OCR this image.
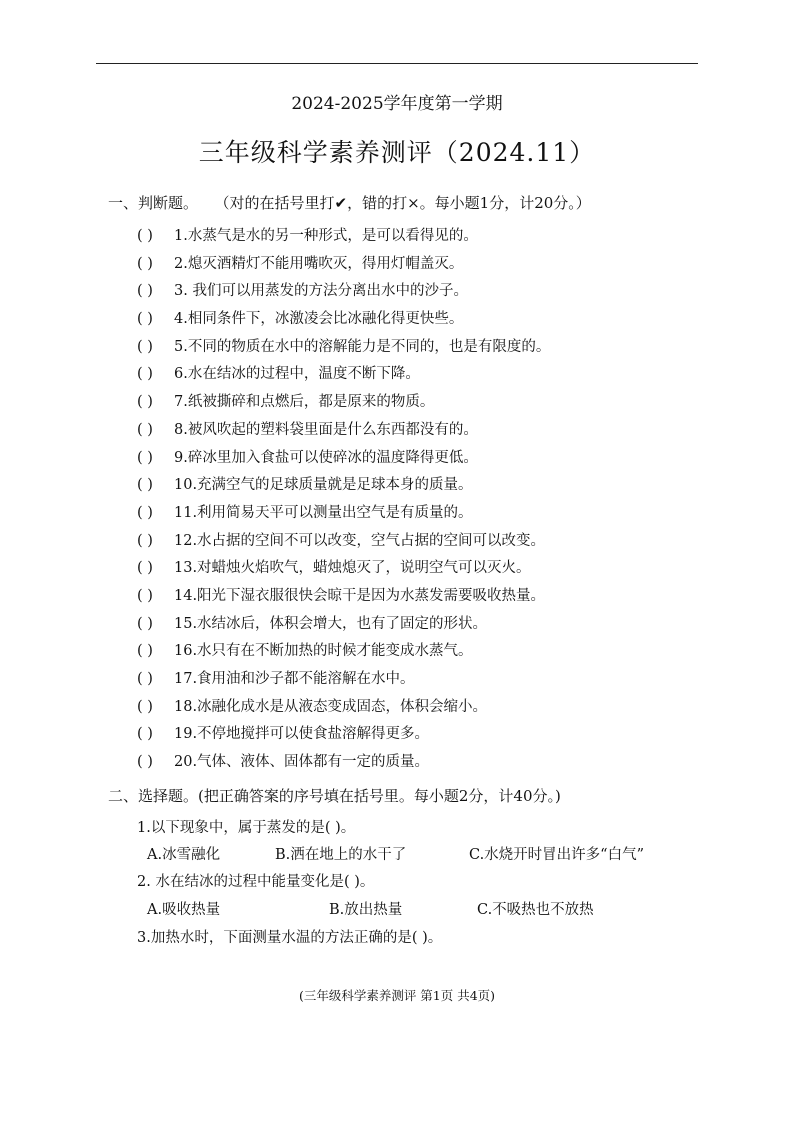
2024-2025学年度第一学期
三年级科学素养测评（2024.11）
一、判断题。 （对的在括号里打✔，错的打×。每小题1分，计20分。）
( ) 1.水蒸气是水的另一种形式，是可以看得见的。
( ) 2.熄灭酒精灯不能用嘴吹灭，得用灯帽盖灭。
( ) 3. 我们可以用蒸发的方法分离出水中的沙子。
( ) 4.相同条件下，冰激凌会比冰融化得更快些。
( ) 5.不同的物质在水中的溶解能力是不同的，也是有限度的。
( ) 6.水在结冰的过程中，温度不断下降。
( ) 7.纸被撕碎和点燃后，都是原来的物质。
( ) 8.被风吹起的塑料袋里面是什么东西都没有的。
( ) 9.碎冰里加入食盐可以使碎冰的温度降得更低。
( ) 10.充满空气的足球质量就是足球本身的质量。
( ) 11.利用简易天平可以测量出空气是有质量的。
( ) 12.水占据的空间不可以改变，空气占据的空间可以改变。
( ) 13.对蜡烛火焰吹气，蜡烛熄灭了，说明空气可以灭火。
( ) 14.阳光下湿衣服很快会晾干是因为水蒸发需要吸收热量。
( ) 15.水结冰后，体积会增大，也有了固定的形状。
( ) 16.水只有在不断加热的时候才能变成水蒸气。
( ) 17.食用油和沙子都不能溶解在水中。
( ) 18.冰融化成水是从液态变成固态，体积会缩小。
( ) 19.不停地搅拌可以使食盐溶解得更多。
( ) 20.气体、液体、固体都有一定的质量。
二、选择题。(把正确答案的序号填在括号里。每小题2分，计40分。)
1.以下现象中，属于蒸发的是( )。
A.冰雪融化	B.洒在地上的水干了	C.水烧开时冒出许多“白气”
2. 水在结冰的过程中能量变化是( )。
A.吸收热量	B.放出热量	C.不吸热也不放热
3.加热水时，下面测量水温的方法正确的是( )。
(三年级科学素养测评 第1页 共4页)
